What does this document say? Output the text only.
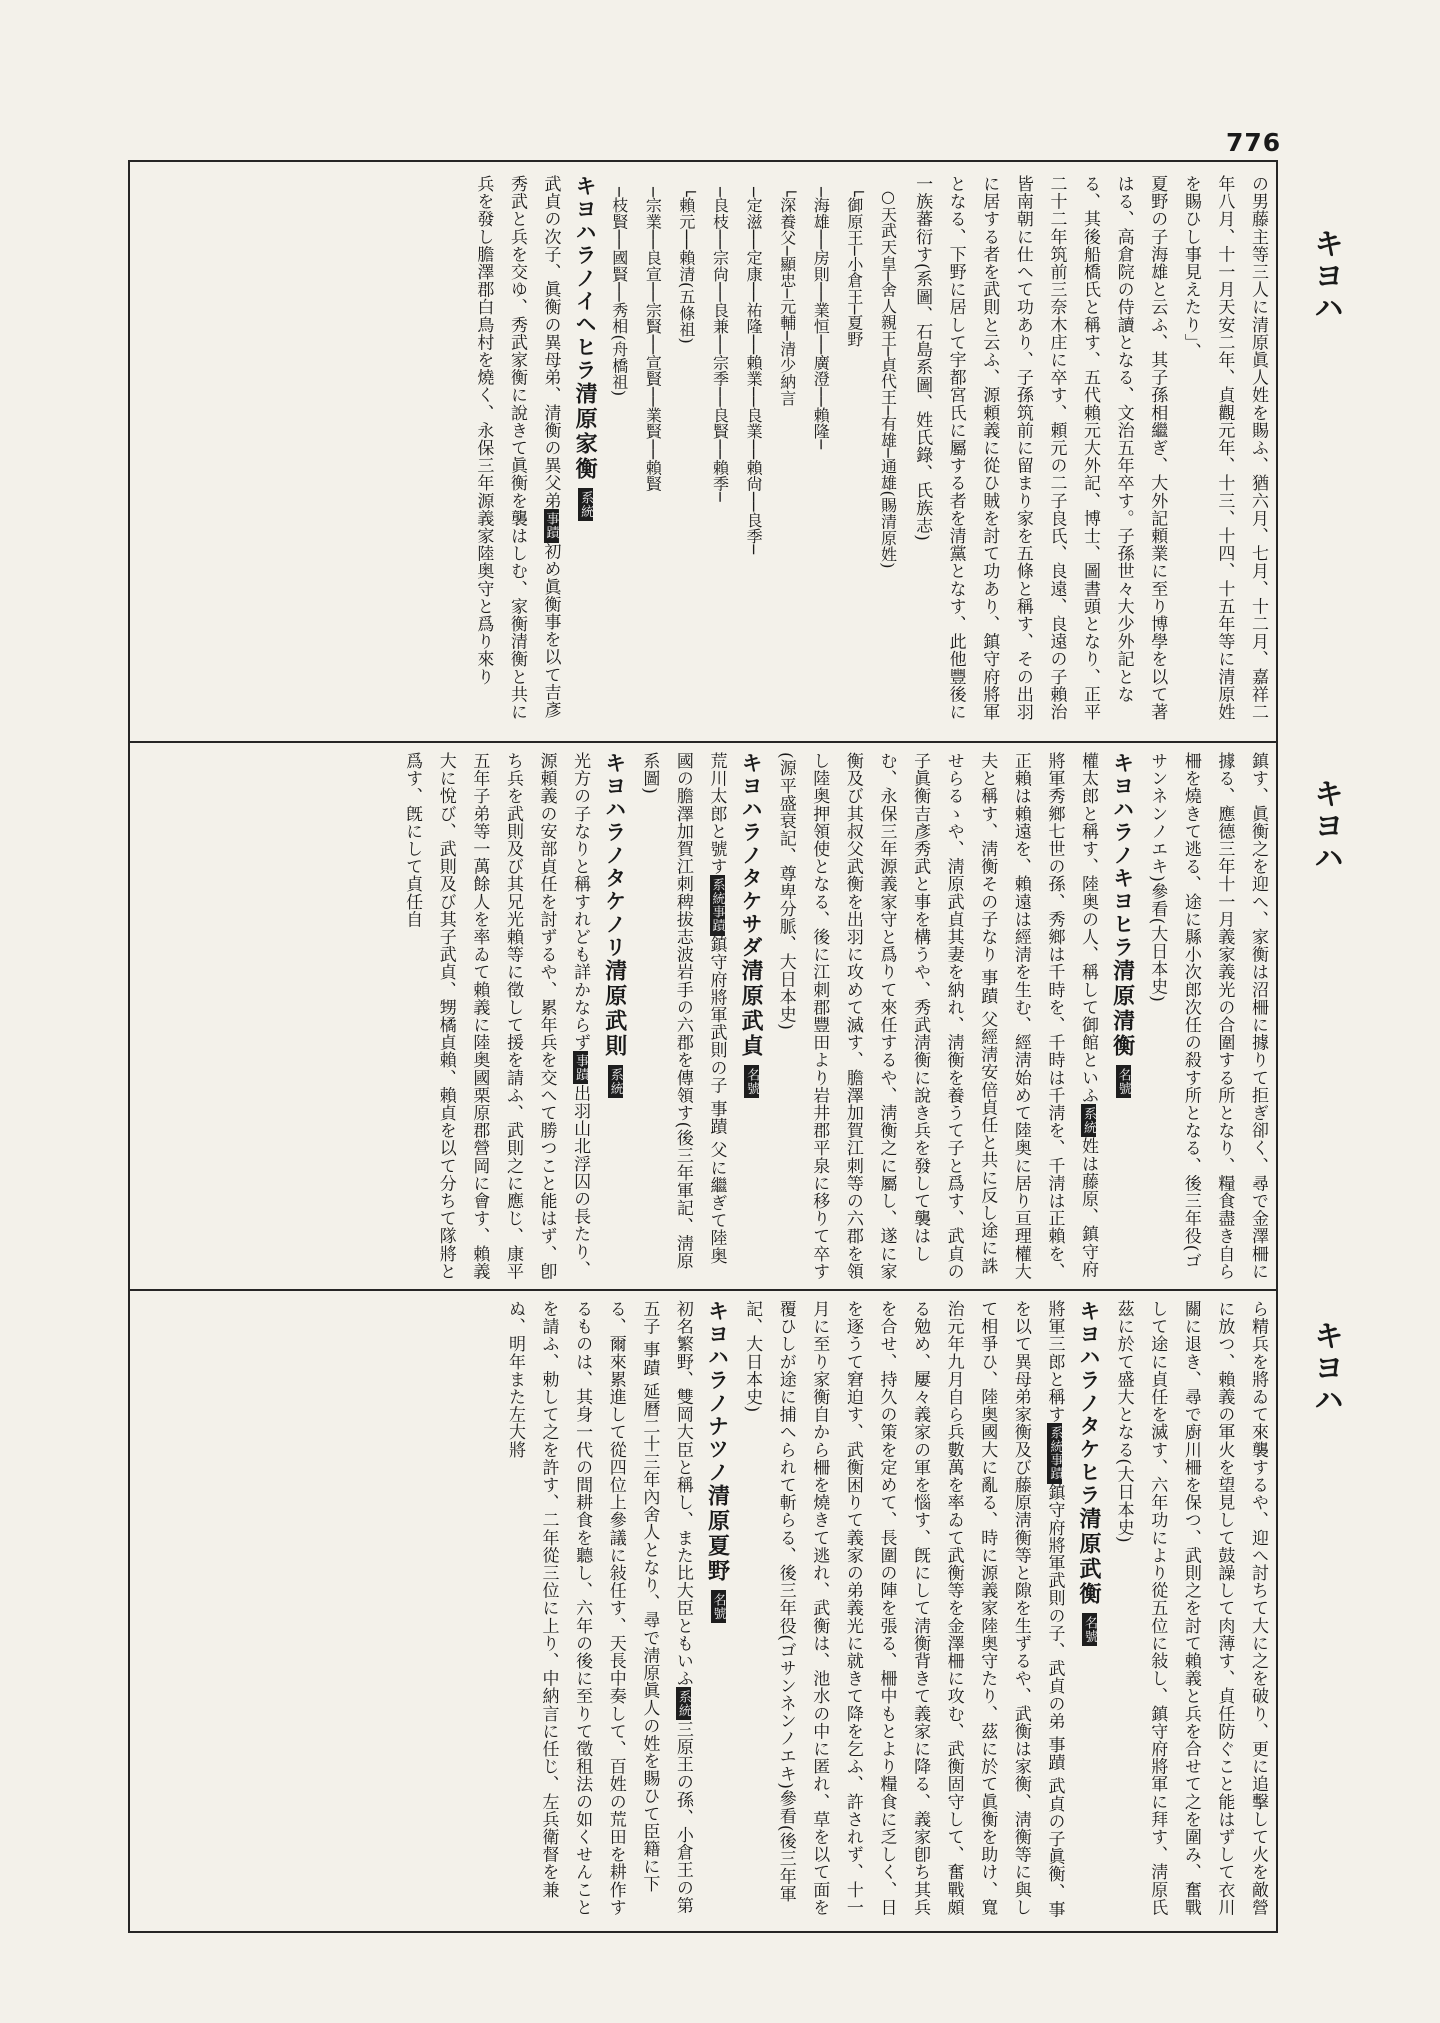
776
キヨハ
キヨハ
キヨハ

の男藤主等三人に清原眞人姓を賜ふ、猶六月、七月、十二月、嘉祥二年八月、十一月天安二年、貞觀元年、十三、十四、十五年等に清原姓を賜ひし事見えたり」、

夏野の子海雄と云ふ、其子孫相繼ぎ、大外記頼業に至り博學を以て著はる、高倉院の侍讀となる、文治五年卒す。子孫世々大少外記となる、其後船橋氏と稱す、五代賴元大外記、博士、圖書頭となり、正平二十二年筑前三奈木庄に卒す、頼元の二子良氏、良遠、良遠の子賴治皆南朝に仕へて功あり、子孫筑前に留まり家を五條と稱す、その出羽に居する者を武則と云ふ、源頼義に從ひ賊を討て功あり、鎮守府將軍となる、下野に居して宇都宮氏に屬する者を清黨となす、此他豐後に一族蕃衍す(系圖、石島系圖、姓氏錄、氏族志)

○天武天皇─舍人親王─貞代王─有雄─通雄(賜清原姓)

└御原王─小倉王─夏野

─海雄──房則──業恒──廣澄──賴隆─

└深養父─顯忠─元輔─清少納言

─定滋──定康──祐隆──賴業──良業──賴尙──良季─

─良枝──宗尙──良兼──宗季──良賢──賴季─

└賴元──賴清(五條祖)

─宗業──良宣──宗賢──宣賢──業賢──賴賢

─枝賢──國賢──秀相(舟橋祖)

キヨハラノイヘヒラ清原家衡 系統

武貞の次子、眞衡の異母弟、清衡の異父弟事蹟初め眞衡事を以て吉彥秀武と兵を交ゆ、秀武家衡に說きて眞衡を襲はしむ、家衡清衡と共に兵を發し膽澤郡白鳥村を燒く、永保三年源義家陸奥守と爲り來り

鎮す、眞衡之を迎へ、家衡は沼柵に據りて拒ぎ卻く、尋で金澤柵に據る、應德三年十一月義家義光の合圍する所となり、糧食盡き自ら柵を燒きて逃る、途に縣小次郎次任の殺す所となる、後三年役(ゴサンネンノエキ)參看(大日本史)

キヨハラノキヨヒラ清原清衡 名號

權太郎と稱す、陸奥の人、稱して御館といふ系統姓は藤原、鎮守府將軍秀鄉七世の孫、秀鄉は千時を、千時は千淸を、千淸は正賴を、正賴は賴遠を、賴遠は經淸を生む、經淸始めて陸奥に居り亘理權大夫と稱す、淸衡その子なり 事蹟 父經淸安倍貞任と共に反し途に誅せらるゝや、淸原武貞其妻を納れ、淸衡を養うて子と爲す、武貞の子眞衡吉彥秀武と事を構うや、秀武淸衡に說き兵を發して襲はしむ、永保三年源義家守と爲りて來任するや、淸衡之に屬し、遂に家衡及び其叔父武衡を出羽に攻めて滅す、膽澤加賀江刺等の六郡を領し陸奥押領使となる、後に江刺郡豐田より岩井郡平泉に移りて卒す(源平盛衰記、尊卑分脈、大日本史)

キヨハラノタケサダ清原武貞 名號

荒川太郎と號す系統事蹟鎮守府將軍武則の子 事蹟 父に繼ぎて陸奥國の膽澤加賀江刺稗拔志波岩手の六郡を傳領す(後三年軍記、淸原系圖)

キヨハラノタケノリ清原武則 系統

光方の子なりと稱すれども詳かならず事蹟出羽山北浮囚の長たり、源頼義の安部貞任を討ずるや、累年兵を交へて勝つこと能はず、卽ち兵を武則及び其兄光賴等に徵して援を請ふ、武則之に應じ、康平五年子弟等一萬餘人を率ゐて賴義に陸奥國栗原郡營岡に會す、賴義大に悅び、武則及び其子武貞、甥橘貞賴、賴貞を以て分ちて隊將と爲す、旣にして貞任自

ら精兵を將ゐて來襲するや、迎へ討ちて大に之を破り、更に追擊して火を敵營に放つ、賴義の軍火を望見して鼓譟して肉薄す、貞任防ぐこと能はずして衣川關に退き、尋で廚川柵を保つ、武則之を討て賴義と兵を合せて之を圍み、奮戰して途に貞任を滅す、六年功により從五位に敍し、鎮守府將軍に拜す、淸原氏茲に於て盛大となる(大日本史)

キヨハラノタケヒラ清原武衡 名號

將軍三郎と稱す系統事蹟鎮守府將軍武則の子、武貞の弟 事蹟 武貞の子眞衡、事を以て異母弟家衡及び藤原淸衡等と隙を生ずるや、武衡は家衡、淸衡等に與して相爭ひ、陸奥國大に亂る、時に源義家陸奥守たり、茲に於て眞衡を助け、寬治元年九月自ら兵數萬を率ゐて武衡等を金澤柵に攻む、武衡固守して、奮戰頗る勉め、屢々義家の軍を惱す、旣にして淸衡背きて義家に降る、義家卽ち其兵を合せ、持久の策を定めて、長圍の陣を張る、柵中もとより糧食に乏しく、日を逐うて窘迫す、武衡困りて義家の弟義光に就きて降を乞ふ、許されず、十一月に至り家衡自から柵を燒きて逃れ、武衡は、池水の中に匿れ、草を以て面を覆ひしが途に捕へられて斬らる、後三年役(ゴサンネンノエキ)參看(後三年軍記、大日本史)

キヨハラノナツノ清原夏野 名號

初名繁野、雙岡大臣と稱し、また比大臣ともいふ系統三原王の孫、小倉王の第五子 事蹟 延曆二十三年內舍人となり、尋で淸原眞人の姓を賜ひて臣籍に下る、爾來累進して從四位上參議に敍任す、天長中奏して、百姓の荒田を耕作するものは、其身一代の間耕食を聽し、六年の後に至りて徵租法の如くせんことを請ふ、勅して之を許す、二年從三位に上り、中納言に任じ、左兵衛督を兼ぬ、明年また左大將
